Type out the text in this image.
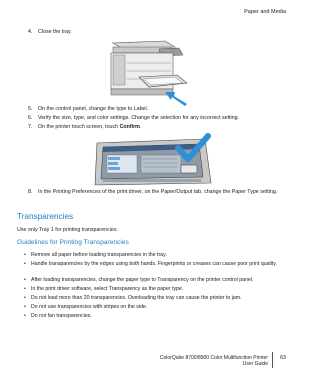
Paper and Media
4. Close the tray.
5. On the control panel, change the type to Label.
6. Verify the size, type, and color settings. Change the selection for any incorrect setting.
7. On the printer touch screen, touch Confirm.
8. In the Printing Preferences of the print driver, on the Paper/Output tab, change the Paper Type setting.
Transparencies
Use only Tray 1 for printing transparencies.
Guidelines for Printing Transparencies
• Remove all paper before loading transparencies in the tray.
• Handle transparencies by the edges using both hands. Fingerprints or creases can cause poor print quality.
• After loading transparencies, change the paper type to Transparency on the printer control panel.
• In the print driver software, select Transparency as the paper type.
• Do not load more than 20 transparencies. Overloading the tray can cause the printer to jam.
• Do not use transparencies with stripes on the side.
• Do not fan transparencies.
ColorQube 8700/8900 Color Multifunction Printer
User Guide
63
